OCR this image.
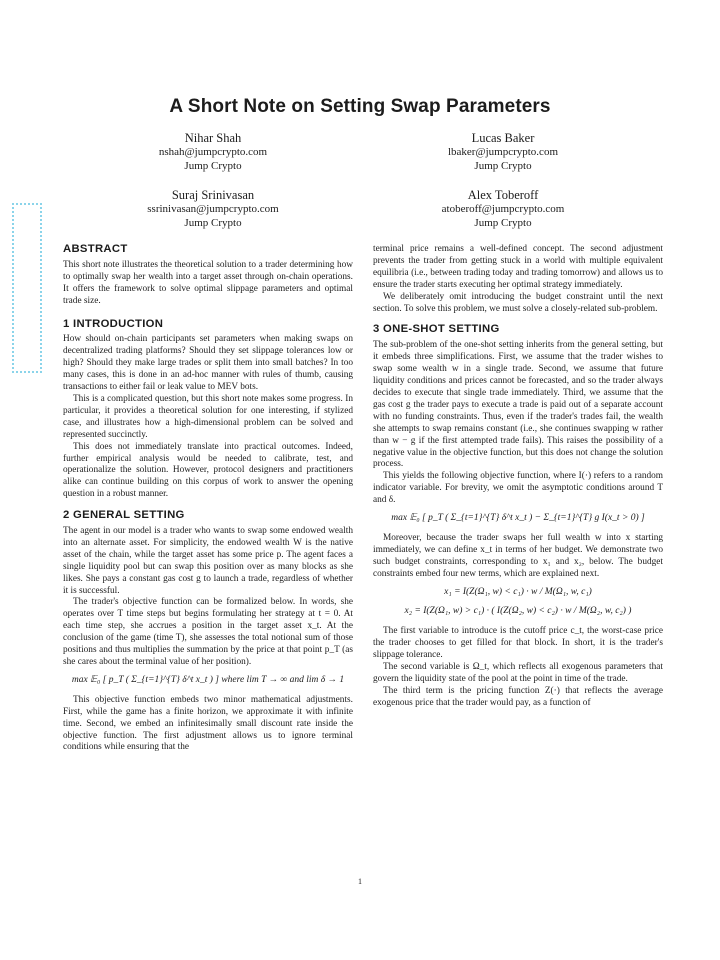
A Short Note on Setting Swap Parameters
Nihar Shah
nshah@jumpcrypto.com
Jump Crypto
Lucas Baker
lbaker@jumpcrypto.com
Jump Crypto
Suraj Srinivasan
ssrinivasan@jumpcrypto.com
Jump Crypto
Alex Toberoff
atoberoff@jumpcrypto.com
Jump Crypto
ABSTRACT

This short note illustrates the theoretical solution to a trader determining how to optimally swap her wealth into a target asset through on-chain operations. It offers the framework to solve optimal slippage parameters and optimal trade size.

1 INTRODUCTION

How should on-chain participants set parameters when making swaps on decentralized trading platforms? Should they set slippage tolerances low or high? Should they make large trades or split them into small batches? In too many cases, this is done in an ad-hoc manner with rules of thumb, causing transactions to either fail or leak value to MEV bots.

This is a complicated question, but this short note makes some progress. In particular, it provides a theoretical solution for one interesting, if stylized case, and illustrates how a high-dimensional problem can be solved and represented succinctly.

This does not immediately translate into practical outcomes. Indeed, further empirical analysis would be needed to calibrate, test, and operationalize the solution. However, protocol designers and practitioners alike can continue building on this corpus of work to answer the opening question in a robust manner.

2 GENERAL SETTING

The agent in our model is a trader who wants to swap some endowed wealth into an alternate asset. For simplicity, the endowed wealth W is the native asset of the chain, while the target asset has some price p. The agent faces a single liquidity pool but can swap this position over as many blocks as she likes. She pays a constant gas cost g to launch a trade, regardless of whether it is successful.

The trader's objective function can be formalized below. In words, she operates over T time steps but begins formulating her strategy at t = 0. At each time step, she accrues a position in the target asset x_t. At the conclusion of the game (time T), she assesses the total notional sum of those positions and thus multiplies the summation by the price at that point p_T (as she cares about the terminal value of her position).

max 𝔼₀ [ p_T ( Σ_{t=1}^{T} δ^t x_t ) ] where lim T → ∞ and lim δ → 1

This objective function embeds two minor mathematical adjustments. First, while the game has a finite horizon, we approximate it with infinite time. Second, we embed an infinitesimally small discount rate inside the objective function. The first adjustment allows us to ignore terminal conditions while ensuring that the

terminal price remains a well-defined concept. The second adjustment prevents the trader from getting stuck in a world with multiple equivalent equilibria (i.e., between trading today and trading tomorrow) and allows us to ensure the trader starts executing her optimal strategy immediately.

We deliberately omit introducing the budget constraint until the next section. To solve this problem, we must solve a closely-related sub-problem.

3 ONE-SHOT SETTING

The sub-problem of the one-shot setting inherits from the general setting, but it embeds three simplifications. First, we assume that the trader wishes to swap some wealth w in a single trade. Second, we assume that future liquidity conditions and prices cannot be forecasted, and so the trader always decides to execute that single trade immediately. Third, we assume that the gas cost g the trader pays to execute a trade is paid out of a separate account with no funding constraints. Thus, even if the trader's trades fail, the wealth she attempts to swap remains constant (i.e., she continues swapping w rather than w − g if the first attempted trade fails). This raises the possibility of a negative value in the objective function, but this does not change the solution process.

This yields the following objective function, where I(·) refers to a random indicator variable. For brevity, we omit the asymptotic conditions around T and δ.

max 𝔼₀ [ p_T ( Σ_{t=1}^{T} δ^t x_t ) − Σ_{t=1}^{T} g I(x_t > 0) ]

Moreover, because the trader swaps her full wealth w into x starting immediately, we can define x_t in terms of her budget. We demonstrate two such budget constraints, corresponding to x₁ and x₂, below. The budget constraints embed four new terms, which are explained next.

x₁ = I(Z(Ω₁, w) < c₁) · w / M(Ω₁, w, c₁)
x₂ = I(Z(Ω₁, w) > c₁) · ( I(Z(Ω₂, w) < c₂) · w / M(Ω₂, w, c₂) )

The first variable to introduce is the cutoff price c_t, the worst-case price the trader chooses to get filled for that block. In short, it is the trader's slippage tolerance.

The second variable is Ω_t, which reflects all exogenous parameters that govern the liquidity state of the pool at the point in time of the trade.

The third term is the pricing function Z(·) that reflects the average exogenous price that the trader would pay, as a function of

1
